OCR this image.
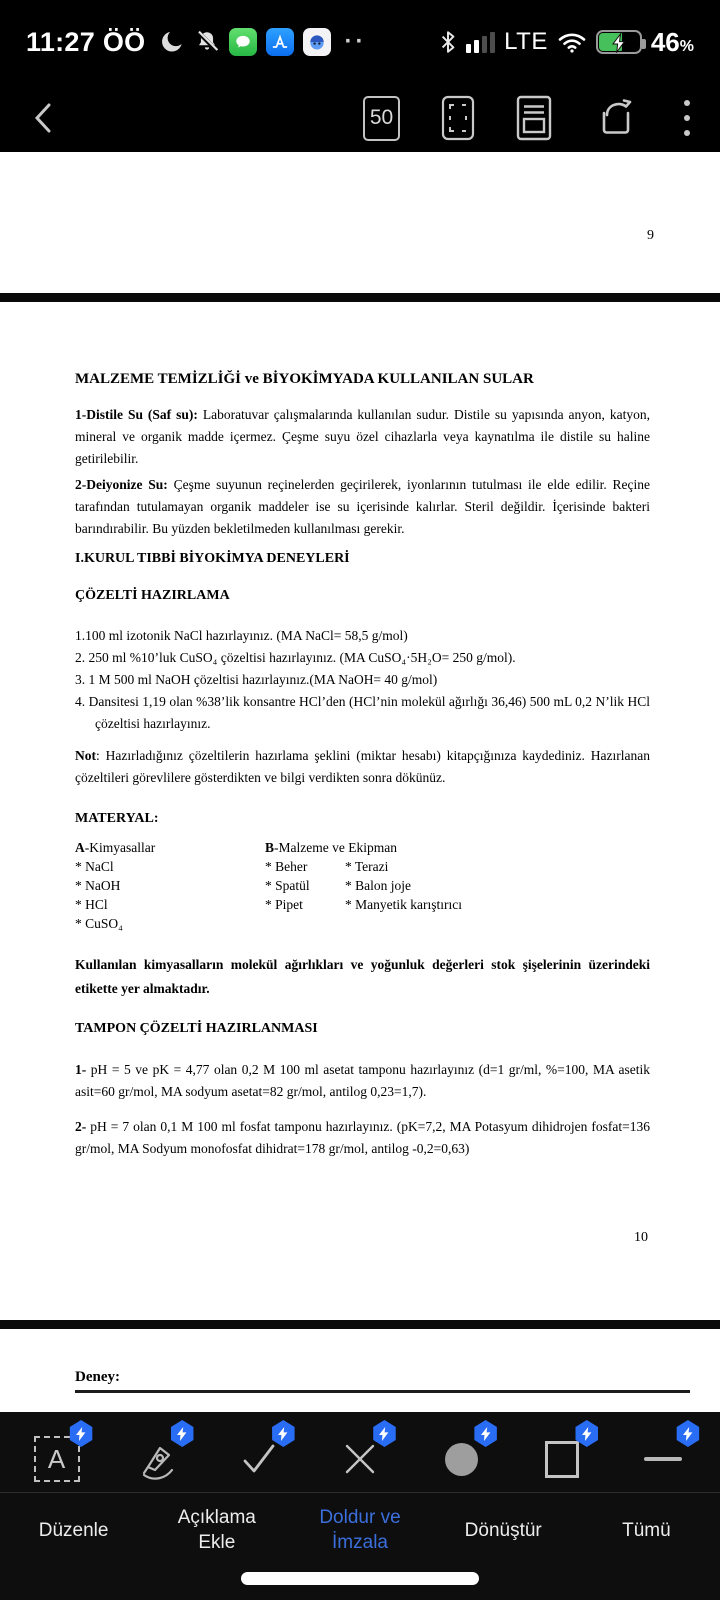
11:27 ÖÖ	··	LTE	46%
50
9
MALZEME TEMİZLİĞİ ve BİYOKİMYADA KULLANILAN SULAR

1-Distile Su (Saf su): Laboratuvar çalışmalarında kullanılan sudur. Distile su yapısında anyon, katyon, mineral ve organik madde içermez. Çeşme suyu özel cihazlarla veya kaynatılma ile distile su haline getirilebilir.

2-Deiyonize Su: Çeşme suyunun reçinelerden geçirilerek, iyonlarının tutulması ile elde edilir. Reçine tarafından tutulamayan organik maddeler ise su içerisinde kalırlar. Steril değildir. İçerisinde bakteri barındırabilir. Bu yüzden bekletilmeden kullanılması gerekir.

I.KURUL TIBBİ BİYOKİMYA DENEYLERİ
ÇÖZELTİ HAZIRLAMA
1.100 ml izotonik NaCl hazırlayınız. (MA NaCl= 58,5 g/mol)
2. 250 ml %10’luk CuSO₄ çözeltisi hazırlayınız. (MA CuSO₄·5H₂O= 250 g/mol).
3. 1 M 500 ml NaOH çözeltisi hazırlayınız.(MA NaOH= 40 g/mol)
4. Dansitesi 1,19 olan %38’lik konsantre HCl’den (HCl’nin molekül ağırlığı 36,46) 500 mL 0,2 N’lik HCl çözeltisi hazırlayınız.

Not: Hazırladığınız çözeltilerin hazırlama şeklini (miktar hesabı) kitapçığınıza kaydediniz. Hazırlanan çözeltileri görevlilere gösterdikten ve bilgi verdikten sonra dökünüz.

MATERYAL:
A-Kimyasallar	B-Malzeme ve Ekipman
* NaCl	* Beher	* Terazi
* NaOH	* Spatül	* Balon joje
* HCl	* Pipet	* Manyetik karıştırıcı
* CuSO₄

Kullanılan kimyasalların molekül ağırlıkları ve yoğunluk değerleri stok şişelerinin üzerindeki etikette yer almaktadır.

TAMPON ÇÖZELTİ HAZIRLANMASI

1- pH = 5 ve pK = 4,77 olan 0,2 M 100 ml asetat tamponu hazırlayınız (d=1 gr/ml, %=100, MA asetik asit=60 gr/mol, MA sodyum asetat=82 gr/mol, antilog 0,23=1,7).

2- pH = 7 olan 0,1 M 100 ml fosfat tamponu hazırlayınız. (pK=7,2, MA Potasyum dihidrojen fosfat=136 gr/mol, MA Sodyum monofosfat dihidrat=178 gr/mol, antilog -0,2=0,63)

10
Deney:
A
Düzenle
Açıklama Ekle
Doldur ve İmzala
Dönüştür	Tümü
